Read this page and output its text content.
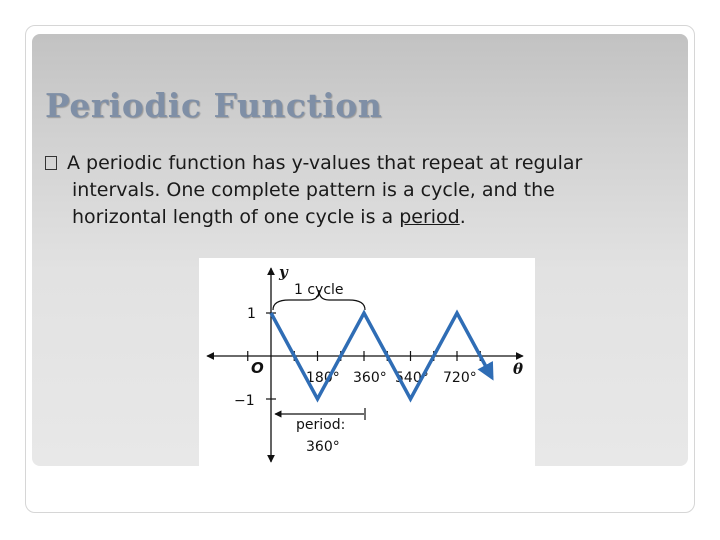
Periodic Function
A periodic function has y-values that repeat at regular
intervals. One complete pattern is a cycle, and the
horizontal length of one cycle is a period.
y
θ
O
1
−1
180° 360° 540° 720°
1 cycle
period:
360°
